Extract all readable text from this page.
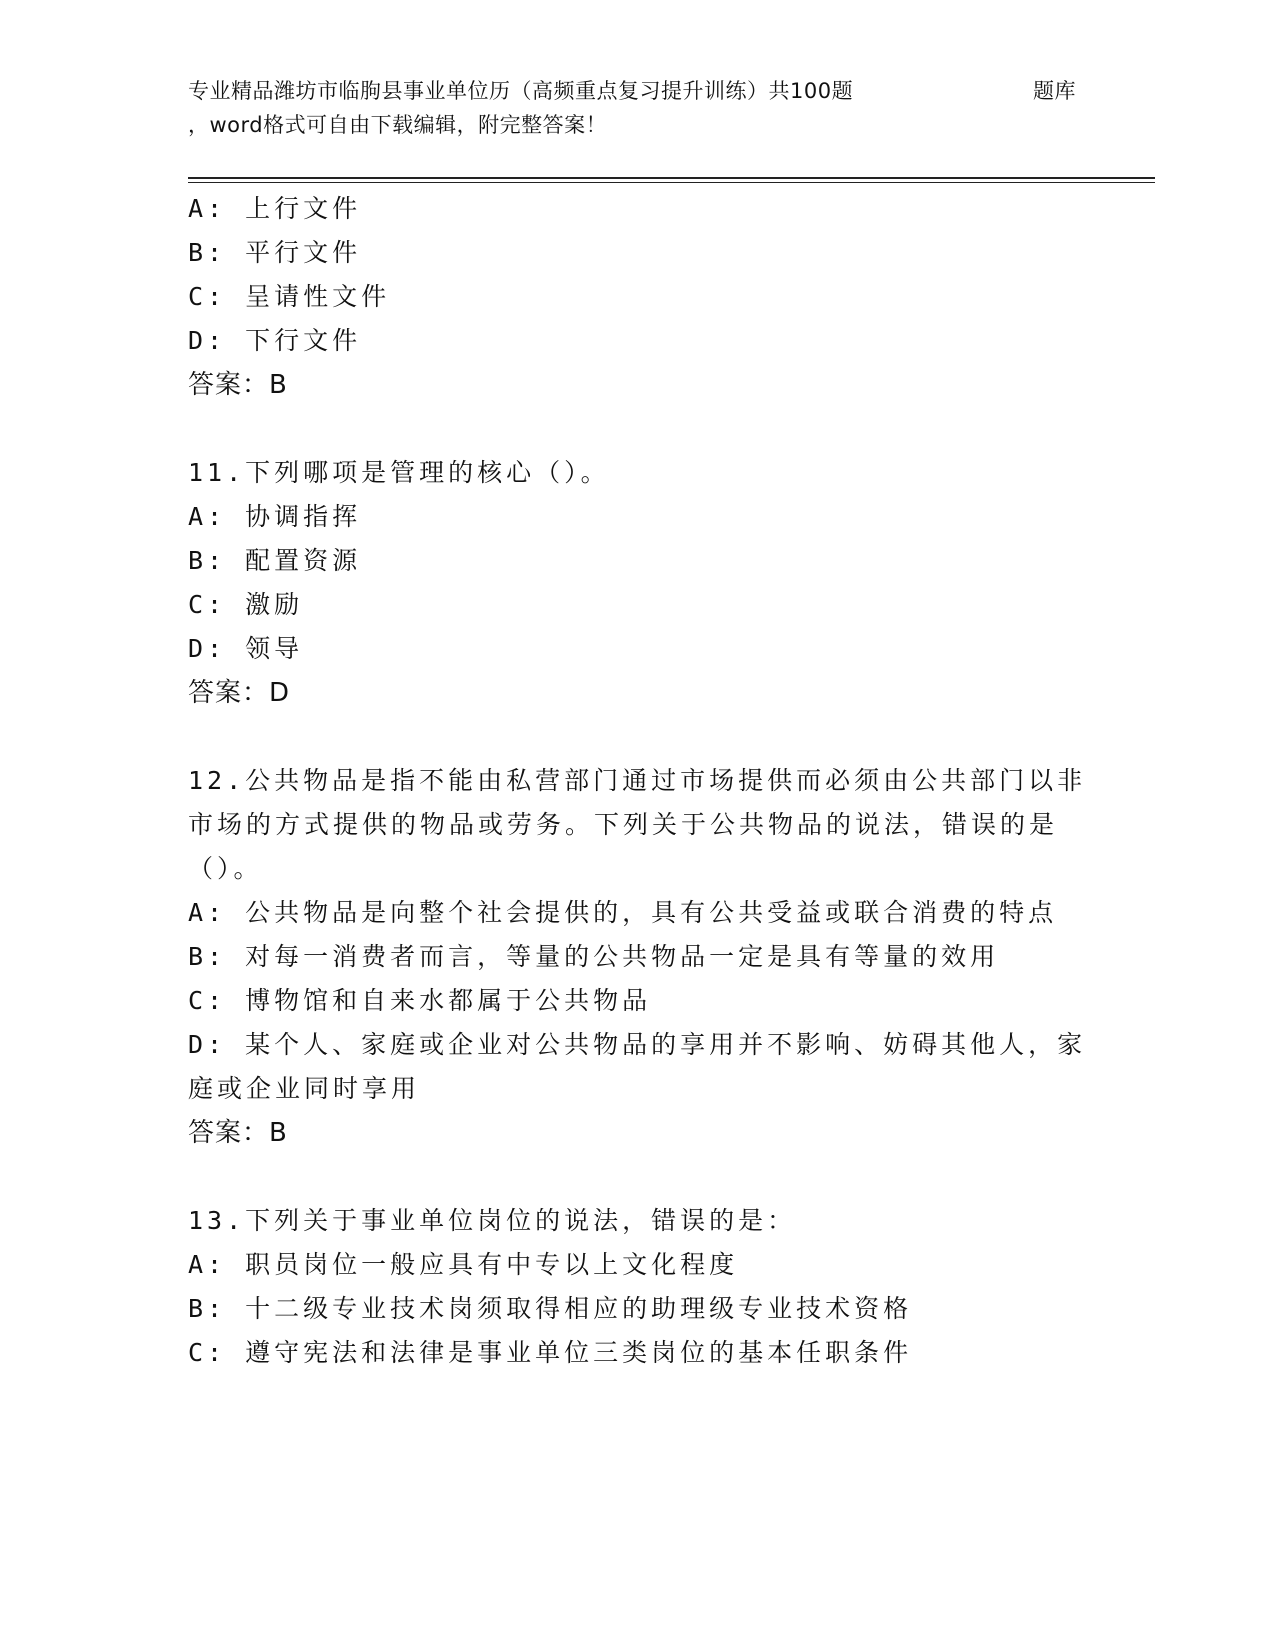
专业精品潍坊市临朐县事业单位历（高频重点复习提升训练）共100题	题库
，word格式可自由下载编辑，附完整答案！
A: 上行文件
B: 平行文件
C: 呈请性文件
D: 下行文件
答案：B
11.下列哪项是管理的核心（）。
A: 协调指挥
B: 配置资源
C: 激励
D: 领导
答案：D
12.公共物品是指不能由私营部门通过市场提供而必须由公共部门以非
市场的方式提供的物品或劳务。下列关于公共物品的说法，错误的是
（）。
A: 公共物品是向整个社会提供的，具有公共受益或联合消费的特点
B: 对每一消费者而言，等量的公共物品一定是具有等量的效用
C: 博物馆和自来水都属于公共物品
D: 某个人、家庭或企业对公共物品的享用并不影响、妨碍其他人，家
庭或企业同时享用
答案：B
13.下列关于事业单位岗位的说法，错误的是：
A: 职员岗位一般应具有中专以上文化程度
B: 十二级专业技术岗须取得相应的助理级专业技术资格
C: 遵守宪法和法律是事业单位三类岗位的基本任职条件
